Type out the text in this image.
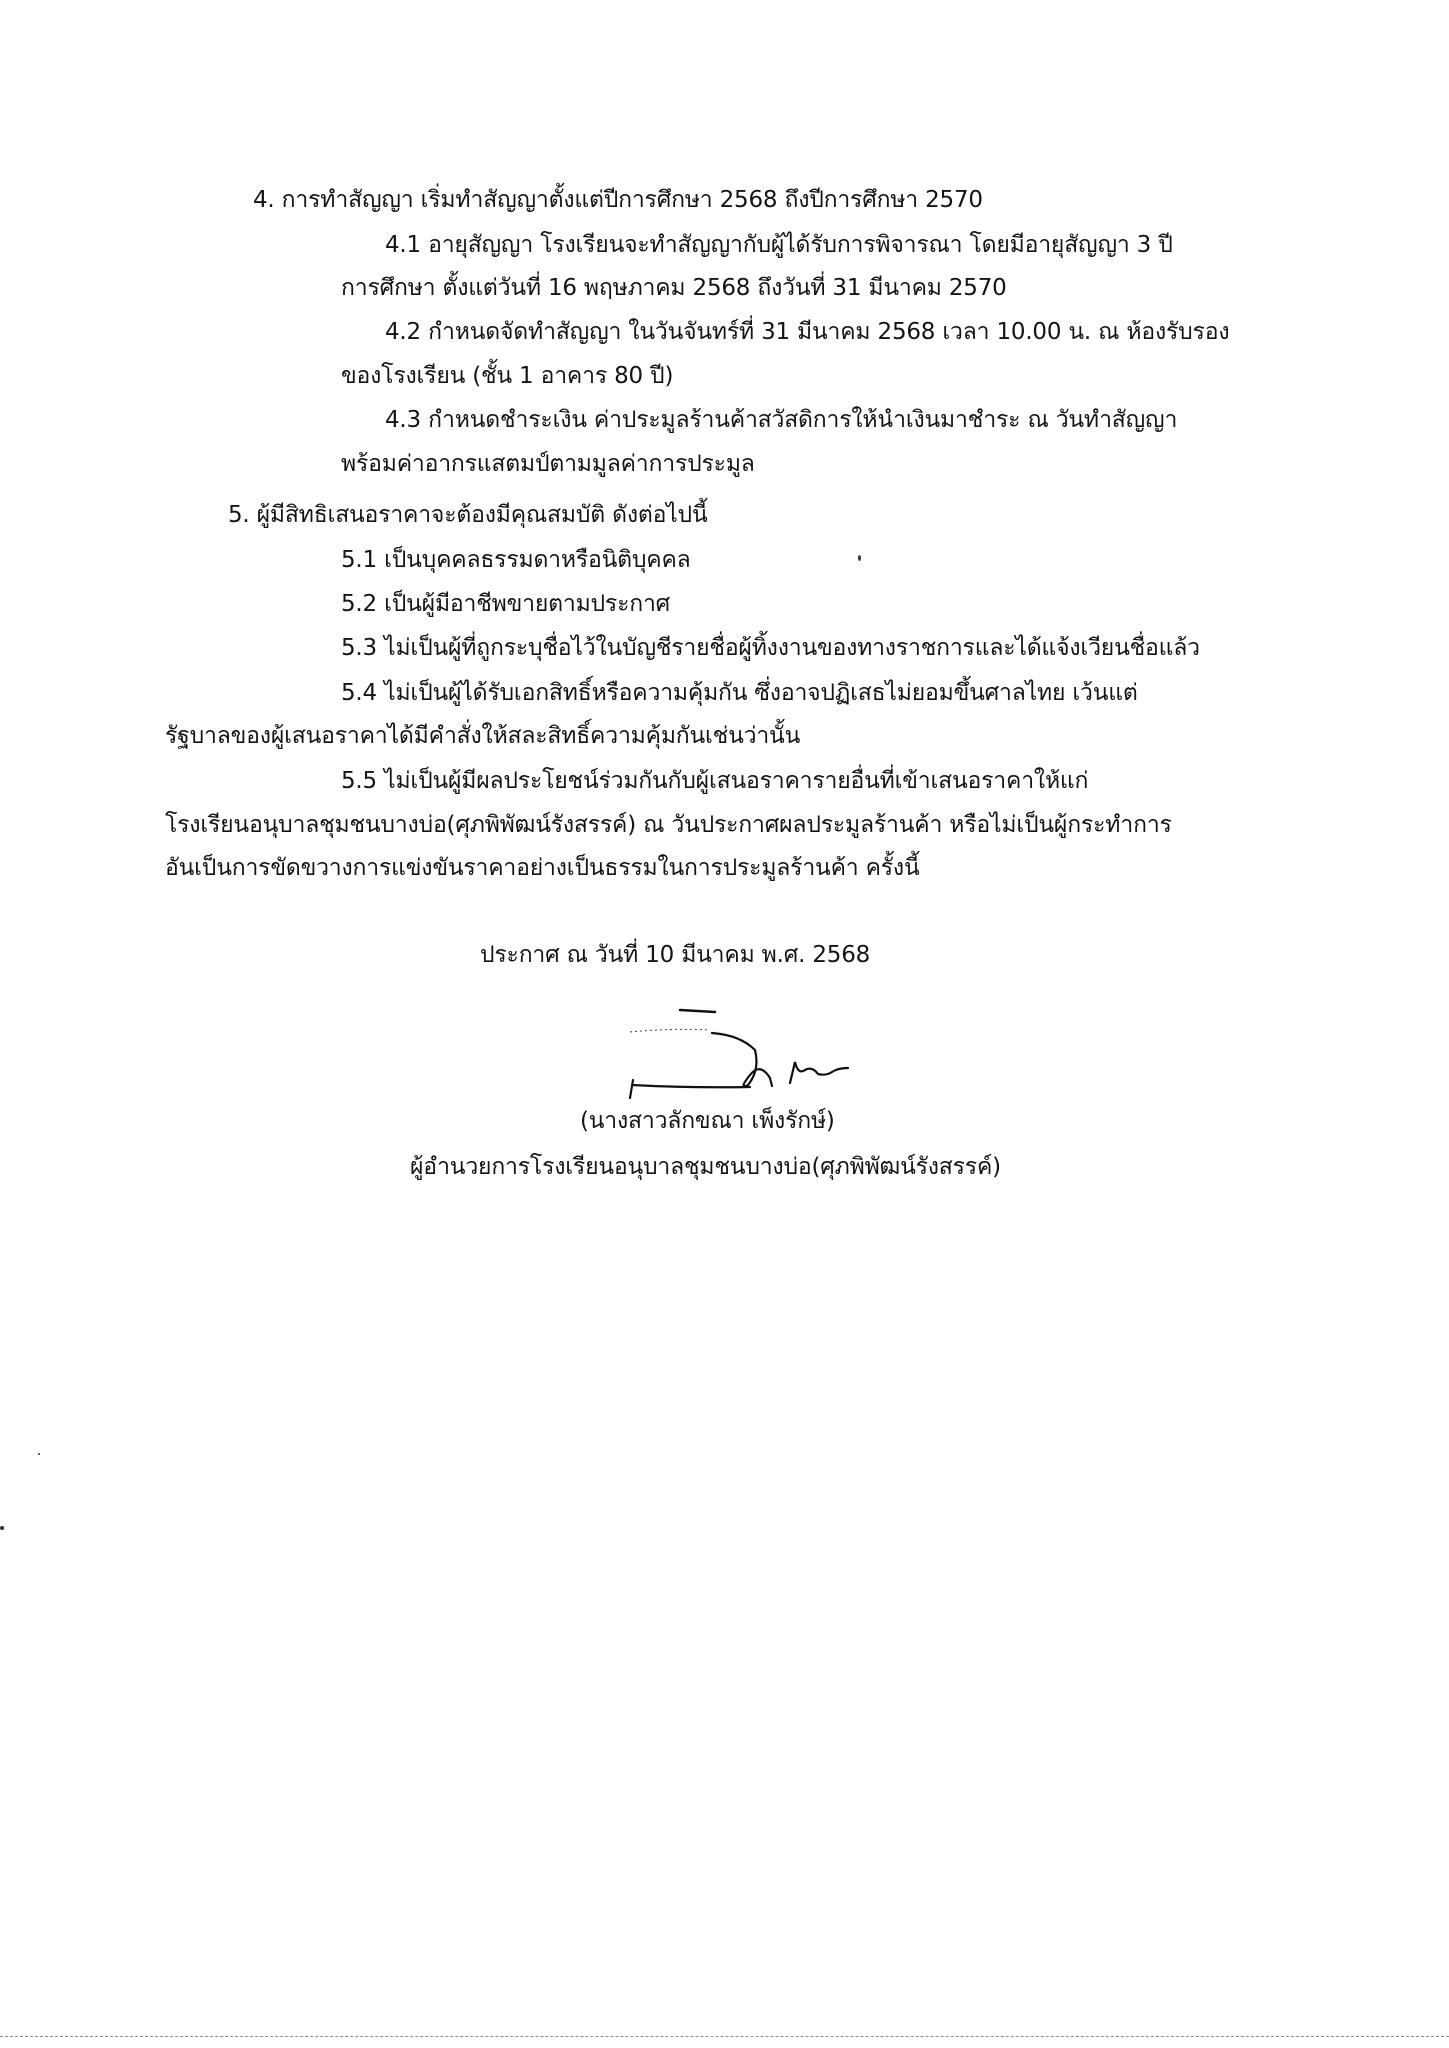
4. การทำสัญญา เริ่มทำสัญญาตั้งแต่ปีการศึกษา 2568 ถึงปีการศึกษา 2570
4.1 อายุสัญญา โรงเรียนจะทำสัญญากับผู้ได้รับการพิจารณา โดยมีอายุสัญญา 3 ปี
การศึกษา ตั้งแต่วันที่ 16 พฤษภาคม 2568 ถึงวันที่ 31 มีนาคม 2570
4.2 กำหนดจัดทำสัญญา ในวันจันทร์ที่ 31 มีนาคม 2568 เวลา 10.00 น. ณ ห้องรับรอง
ของโรงเรียน (ชั้น 1 อาคาร 80 ปี)
4.3 กำหนดชำระเงิน ค่าประมูลร้านค้าสวัสดิการให้นำเงินมาชำระ ณ วันทำสัญญา
พร้อมค่าอากรแสตมป์ตามมูลค่าการประมูล
5. ผู้มีสิทธิเสนอราคาจะต้องมีคุณสมบัติ ดังต่อไปนี้
5.1 เป็นบุคคลธรรมดาหรือนิติบุคคล
5.2 เป็นผู้มีอาชีพขายตามประกาศ
5.3 ไม่เป็นผู้ที่ถูกระบุชื่อไว้ในบัญชีรายชื่อผู้ทิ้งงานของทางราชการและได้แจ้งเวียนชื่อแล้ว
5.4 ไม่เป็นผู้ได้รับเอกสิทธิ์หรือความคุ้มกัน ซึ่งอาจปฏิเสธไม่ยอมขึ้นศาลไทย เว้นแต่
รัฐบาลของผู้เสนอราคาได้มีคำสั่งให้สละสิทธิ์ความคุ้มกันเช่นว่านั้น
5.5 ไม่เป็นผู้มีผลประโยชน์ร่วมกันกับผู้เสนอราคารายอื่นที่เข้าเสนอราคาให้แก่
โรงเรียนอนุบาลชุมชนบางบ่อ(ศุภพิพัฒน์รังสรรค์) ณ วันประกาศผลประมูลร้านค้า หรือไม่เป็นผู้กระทำการ
อันเป็นการขัดขวางการแข่งขันราคาอย่างเป็นธรรมในการประมูลร้านค้า ครั้งนี้
ประกาศ ณ วันที่ 10 มีนาคม พ.ศ. 2568
(นางสาวลักขณา เพ็งรักษ์)
ผู้อำนวยการโรงเรียนอนุบาลชุมชนบางบ่อ(ศุภพิพัฒน์รังสรรค์)
